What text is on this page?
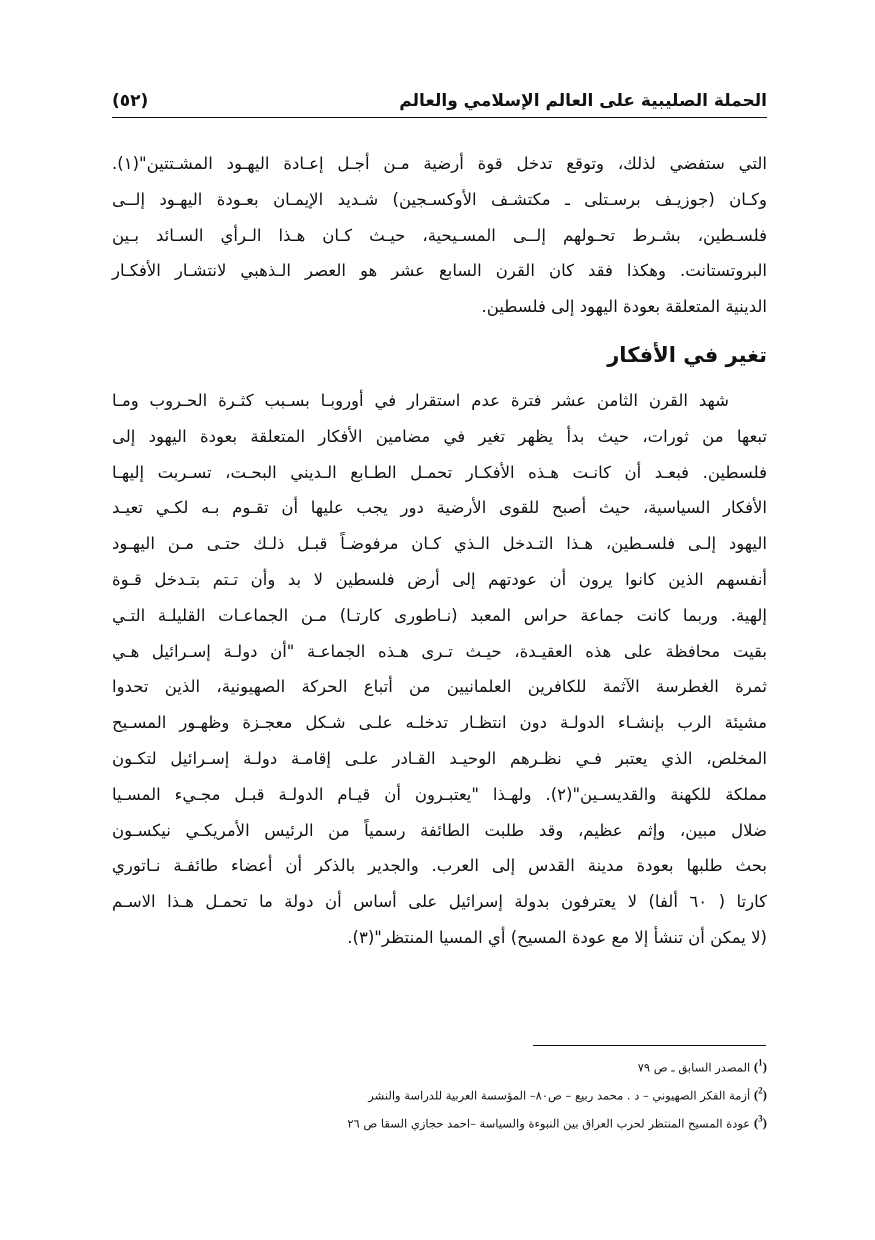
الحملة الصليبية على العالم الإسلامي والعالم
(٥٢)
التي ستفضي لذلك، وتوقع تدخل قوة أرضية مـن أجـل إعـادة اليهـود المشـتتين"(١).
وكـان (جوزيـف برسـتلى ـ مكتشـف الأوكسـجين) شـديد الإيمـان بعـودة اليهـود إلــى
فلسـطين، بشـرط تحـولهم إلــى المسـيحية، حيـث كـان هـذا الـرأي السـائد بـين
البروتستانت. وهكذا فقد كان القرن السابع عشر هو العصر الـذهبي لانتشـار الأفكـار
الدينية المتعلقة بعودة اليهود إلى فلسطين.
تغير في الأفكار
شهد القرن الثامن عشر فترة عدم استقرار في أوروبـا بسـبب كثـرة الحـروب ومـا
تبعها من ثورات، حيث بدأ يظهر تغير في مضامين الأفكار المتعلقة بعودة اليهود إلى
فلسطين. فبعـد أن كانـت هـذه الأفكـار تحمـل الطـابع الـديني البحـت، تسـربت إليهـا
الأفكار السياسية، حيث أصبح للقوى الأرضية دور يجب عليها أن تقـوم بـه لكـي تعيـد
اليهود إلـى فلسـطين، هـذا التـدخل الـذي كـان مرفوضـاً قبـل ذلـك حتـى مـن اليهـود
أنفسهم الذين كانوا يرون أن عودتهم إلى أرض فلسطين لا بد وأن تـتم بتـدخل قـوة
إلهية. وربما كانت جماعة حراس المعبد (نـاطورى كارتـا) مـن الجماعـات القليلـة التـي
بقيت محافظة على هذه العقيـدة، حيـث تـرى هـذه الجماعـة "أن دولـة إسـرائيل هـي
ثمرة الغطرسة الآثمة للكافرين العلمانيين من أتباع الحركة الصهيونية، الذين تحدوا
مشيئة الرب بإنشـاء الدولـة دون انتظـار تدخلـه علـى شـكل معجـزة وظهـور المسـيح
المخلص، الذي يعتبر فـي نظـرهم الوحيـد القـادر علـى إقامـة دولـة إسـرائيل لتكـون
مملكة للكهنة والقديسـين"(٢). ولهـذا "يعتبـرون أن قيـام الدولـة قبـل مجـيء المسـيا
ضلال مبين، وإثم عظيم، وقد طلبت الطائفة رسمياً من الرئيس الأمريكـي نيكسـون
بحث طلبها بعودة مدينة القدس إلى العرب. والجدير بالذكر أن أعضاء طائفـة نـاتوري
كارتا ( ٦٠ ألفا) لا يعترفون بدولة إسرائيل على أساس أن دولة ما تحمـل هـذا الاسـم
(لا يمكن أن تنشأ إلا مع عودة المسيح) أي المسيا المنتظر"(٣).
($^1$) المصدر السابق ـ ص ٧٩
($^2$) أزمة الفكر الصهيوني – د . محمد ربيع – ص٨٠– المؤسسة العربية للدراسة والنشر
($^3$) عودة المسيح المنتظر لحرب العراق بين النبوءة والسياسة –احمد حجازي السقا ص ٢٦
